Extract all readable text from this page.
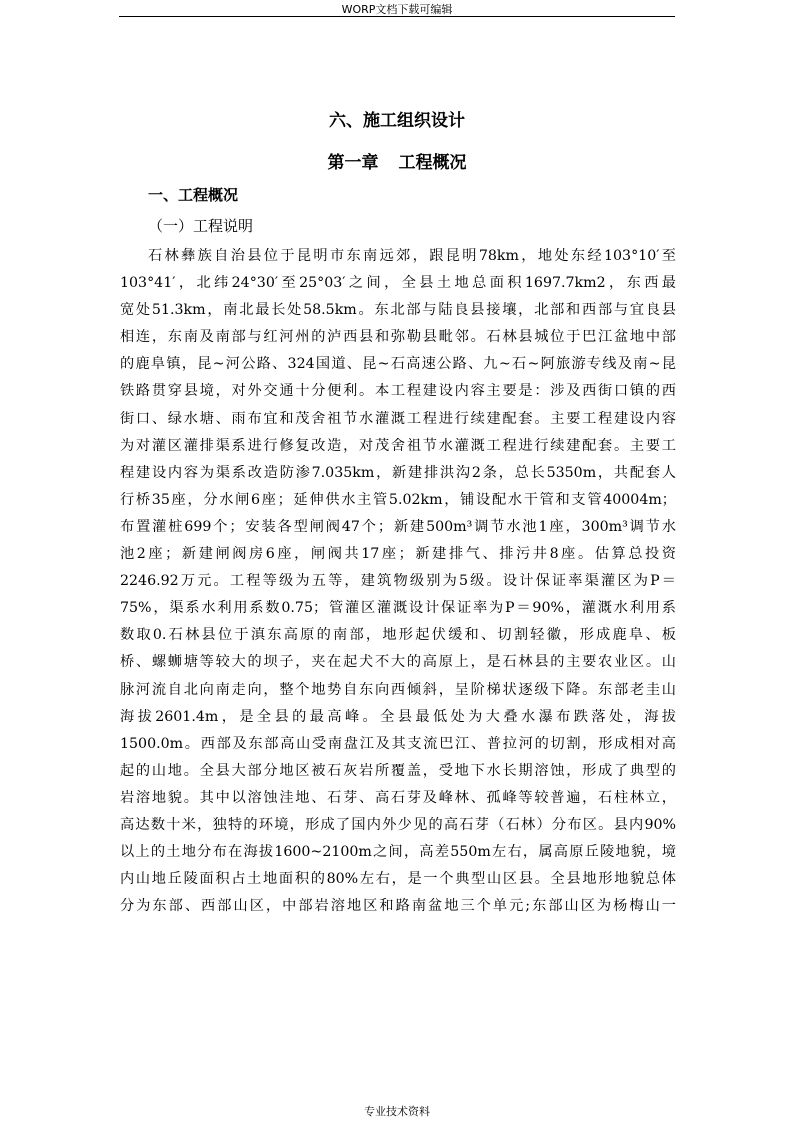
WORP文档下载可编辑
六、施工组织设计
第一章 工程概况
一、工程概况
（一）工程说明
石林彝族自治县位于昆明市东南远郊，跟昆明78km，地处东经103°10′至
103°41′，北纬24°30′至25°03′之间，全县土地总面积1697.7km2，东西最
宽处51.3km，南北最长处58.5km。东北部与陆良县接壤，北部和西部与宜良县
相连，东南及南部与红河州的泸西县和弥勒县毗邻。石林县城位于巴江盆地中部
的鹿阜镇，昆~河公路、324国道、昆~石高速公路、九~石~阿旅游专线及南~昆
铁路贯穿县境，对外交通十分便利。本工程建设内容主要是：涉及西街口镇的西
街口、绿水塘、雨布宜和茂舍祖节水灌溉工程进行续建配套。主要工程建设内容
为对灌区灌排渠系进行修复改造，对茂舍祖节水灌溉工程进行续建配套。主要工
程建设内容为渠系改造防渗7.035km，新建排洪沟2条，总长5350m，共配套人
行桥35座，分水闸6座；延伸供水主管5.02km，铺设配水干管和支管40004m；
布置灌桩699个；安装各型闸阀47个；新建500m³调节水池1座，300m³调节水
池2座；新建闸阀房6座，闸阀共17座；新建排气、排污井8座。估算总投资
2246.92万元。工程等级为五等，建筑物级别为5级。设计保证率渠灌区为P＝
75%，渠系水利用系数0.75；管灌区灌溉设计保证率为P＝90%，灌溉水利用系
数取0.石林县位于滇东高原的南部，地形起伏缓和、切割轻徽，形成鹿阜、板
桥、螺蛳塘等较大的坝子，夹在起犬不大的高原上，是石林县的主要农业区。山
脉河流自北向南走向，整个地势自东向西倾斜，呈阶梯状逐级下降。东部老圭山
海拔2601.4m，是全县的最高峰。全县最低处为大叠水瀑布跌落处，海拔
1500.0m。西部及东部高山受南盘江及其支流巴江、普拉河的切割，形成相对高
起的山地。全县大部分地区被石灰岩所覆盖，受地下水长期溶蚀，形成了典型的
岩溶地貌。其中以溶蚀洼地、石芽、高石芽及峰林、孤峰等较普遍，石柱林立，
高达数十米，独特的环境，形成了国内外少见的高石芽（石林）分布区。县内90%
以上的土地分布在海拔1600~2100m之间，高差550m左右，属高原丘陵地貌，境
内山地丘陵面积占土地面积的80%左右，是一个典型山区县。全县地形地貌总体
分为东部、西部山区，中部岩溶地区和路南盆地三个单元;东部山区为杨梅山一
专业技术资料
